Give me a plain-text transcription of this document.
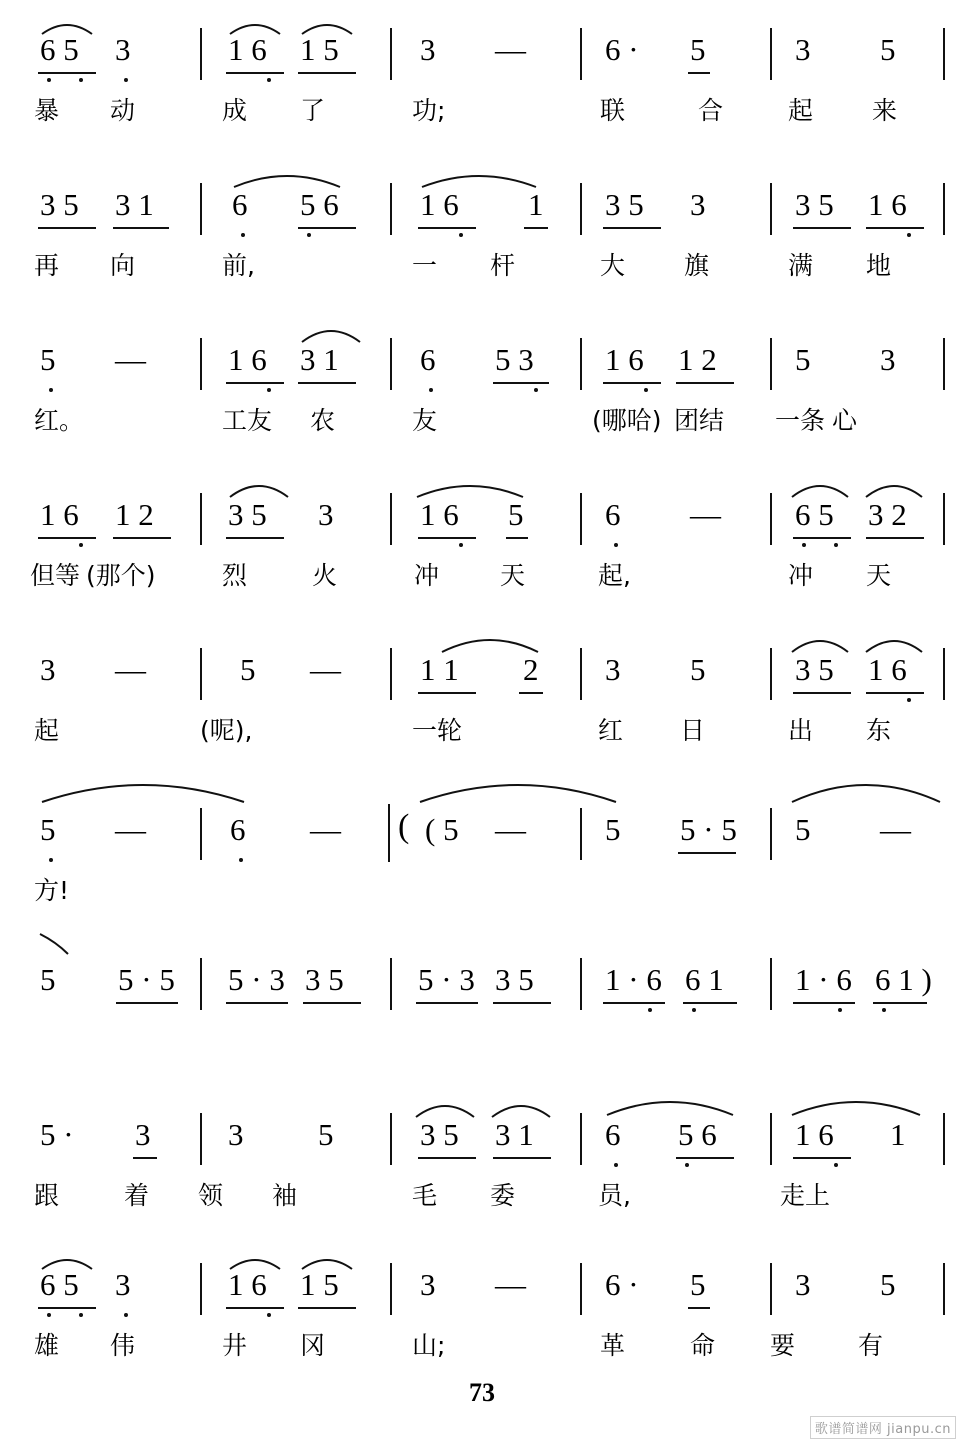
6 5 3	1 6 1 5	3 —	6 · 5	3 5
暴 动	成 了	功;	联	合	起 来
3 5 3 1	6 5 6	1 6 1 3 5 3	3 5 1 6
再 向	前,	一 杆	大 旗	满 地
5 —	1 6 3 1	6 5 3 1 6 1 2	5 3
红。	工友 农	友	(哪哈) 团结 一条 心
1 6 1 2 3 5 3	1 6 5	6 — 6 5 3 2
但等 (那个)	烈	火	冲 天	起,	冲 天
3 —	5 —	1 1 2 3 5	3 5 1 6
起	(呢),	一轮	红 日	出 东
5 —	6 — ( ( 5 —	5 5 · 5 5 —
方!
5 5 · 5 5 · 3 3 5 5 · 3 3 5 1 · 6 6 1 1 · 6 6 1 )
5 · 3	3 5	3 5 3 1 6 5 6	1 6 1
跟	着 领 袖	毛 委	员,	走上
6 5 3	1 6 1 5	3 —	6 · 5	3 5
雄 伟	井 冈	山;	革	命 要	有
73
歌谱简谱网 jianpu.cn
